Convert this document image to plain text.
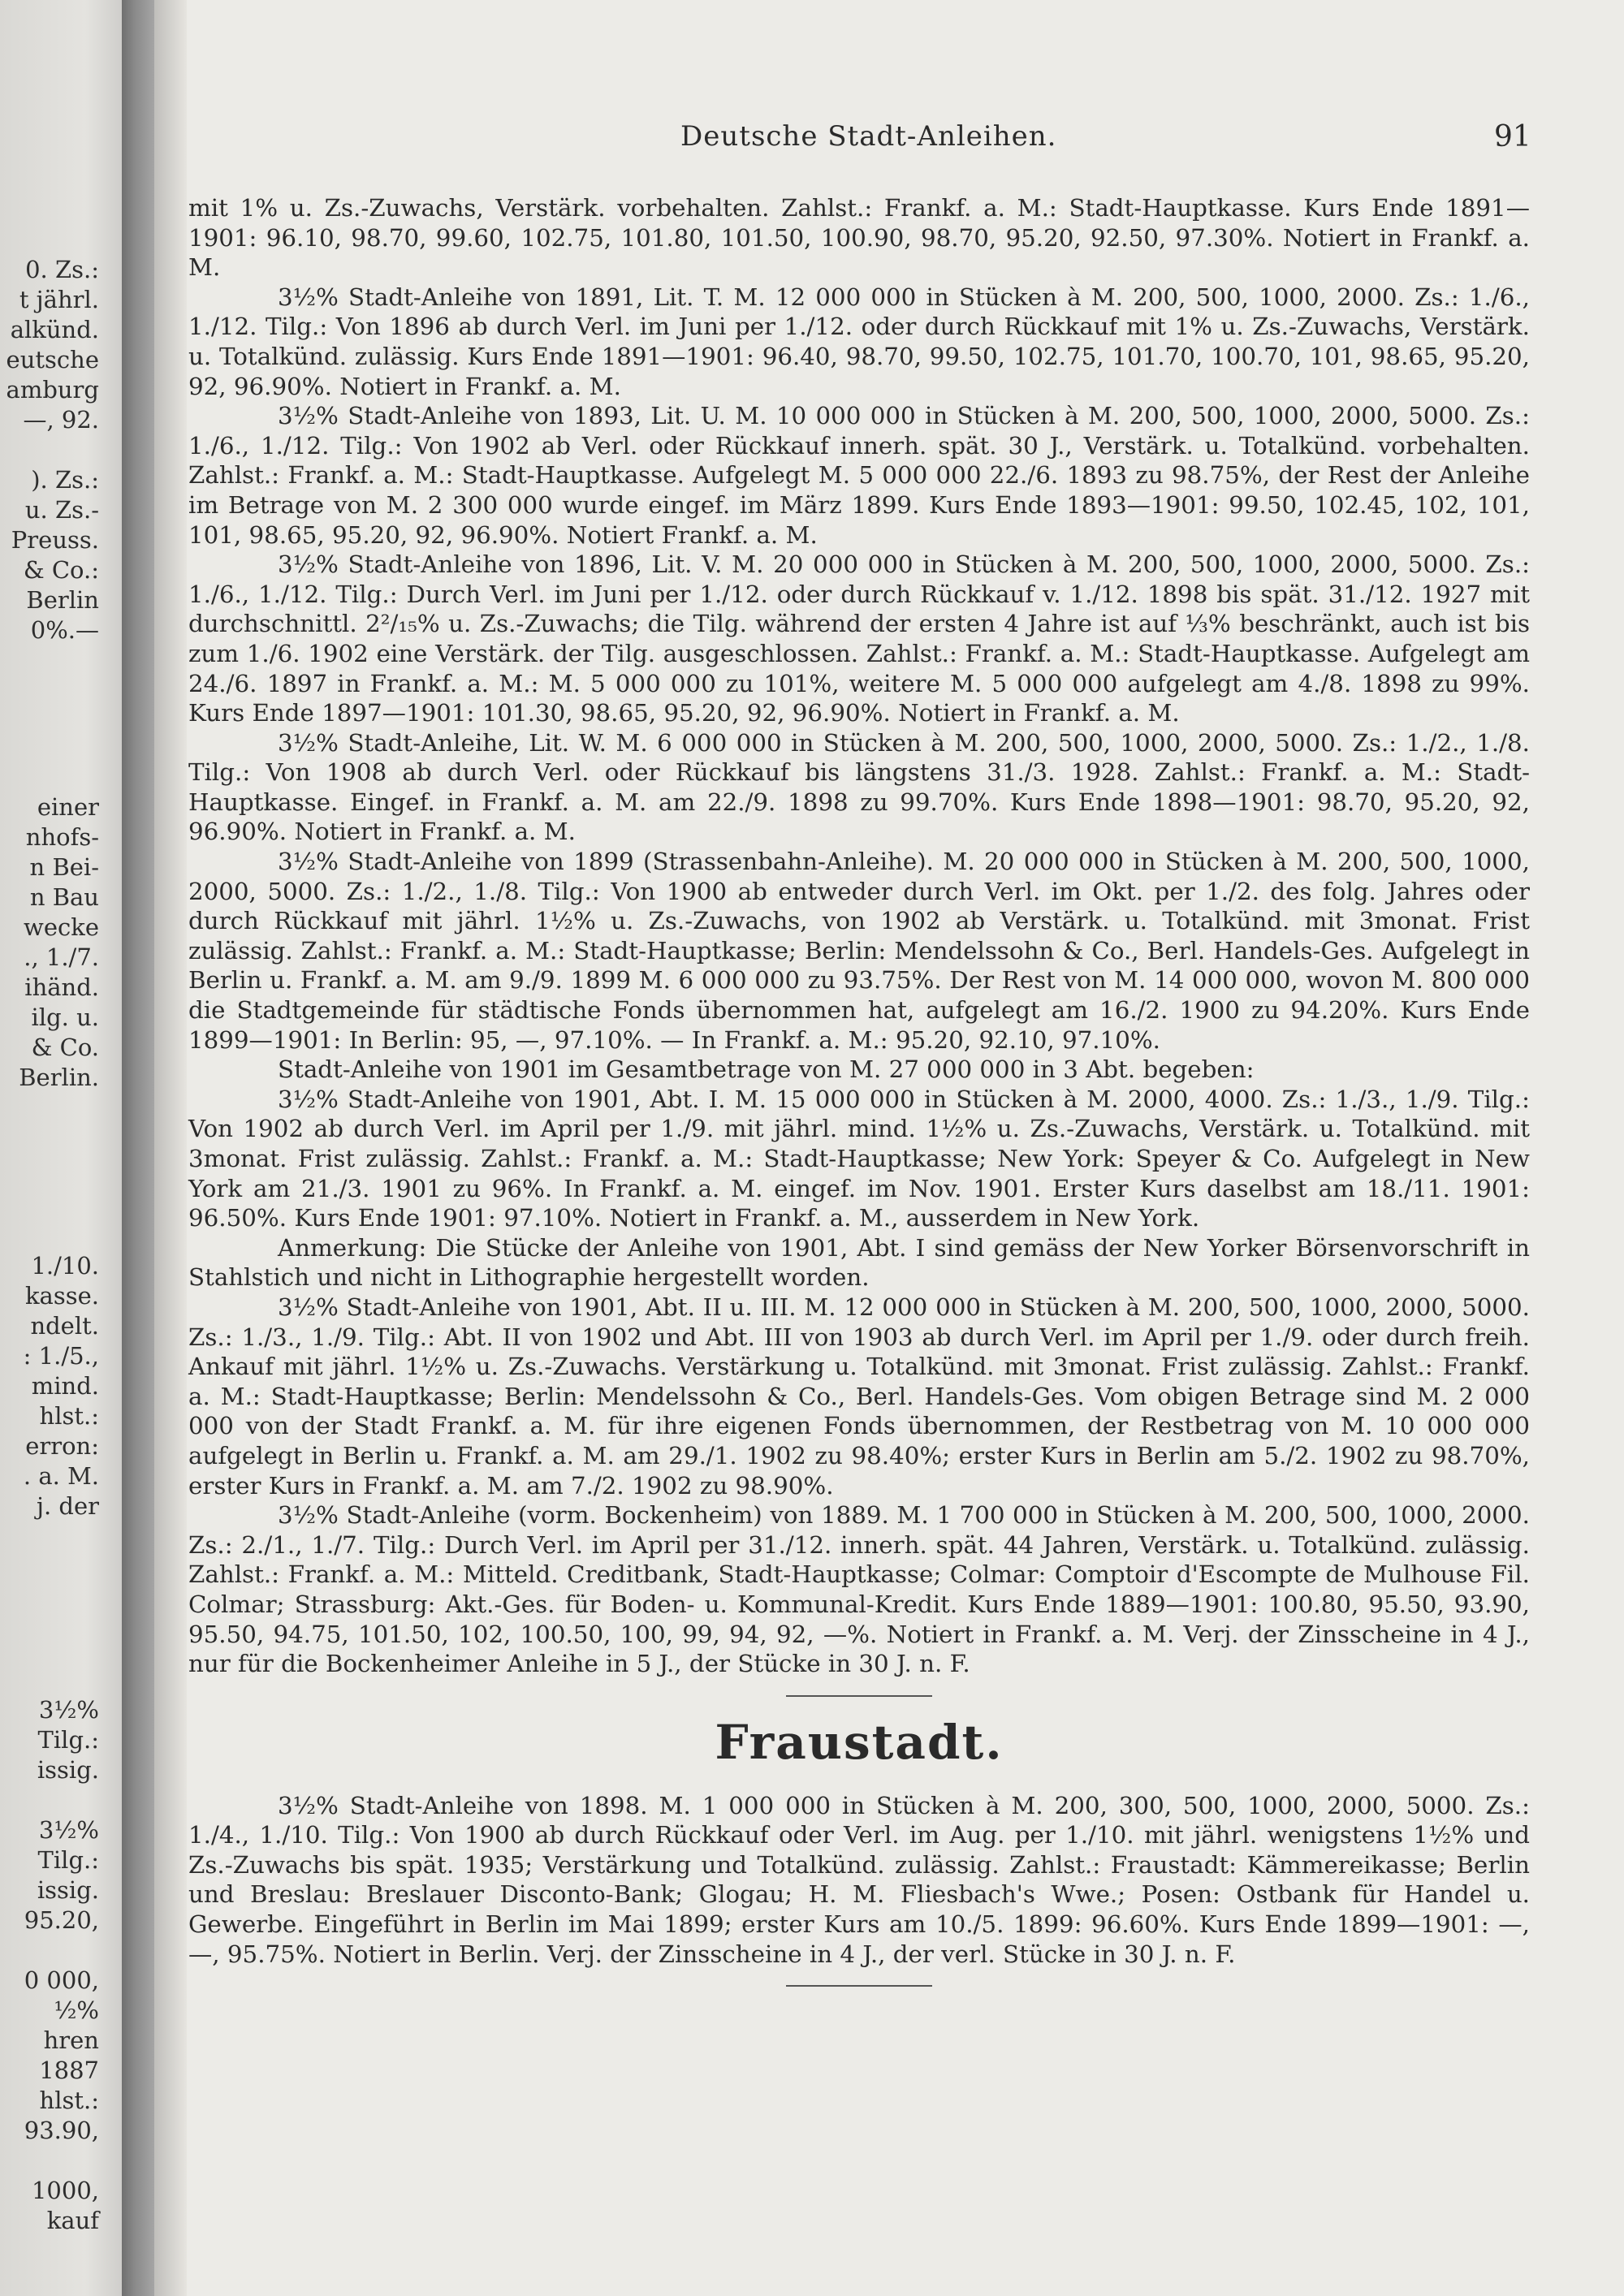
0. Zs.:
t jährl.
alkünd.
eutsche
amburg
—, 92.
). Zs.:
u. Zs.-
Preuss.
& Co.:
Berlin
0%.—
einer
nhofs-
n Bei-
n Bau
wecke
., 1./7.
ihänd.
ilg. u.
& Co.
Berlin.
1./10.
kasse.
ndelt.
: 1./5.,
mind.
hlst.:
erron:
. a. M.
j. der
3½%
Tilg.:
issig.
3½%
Tilg.:
issig.
95.20,
0 000,
½%
hren
1887
hlst.:
93.90,
1000,
kauf
Deutsche Stadt-Anleihen.	91

mit 1% u. Zs.-Zuwachs, Verstärk. vorbehalten. Zahlst.: Frankf. a. M.: Stadt-Hauptkasse. Kurs Ende 1891—1901: 96.10, 98.70, 99.60, 102.75, 101.80, 101.50, 100.90, 98.70, 95.20, 92.50, 97.30%. Notiert in Frankf. a. M.

3½% Stadt-Anleihe von 1891, Lit. T. M. 12 000 000 in Stücken à M. 200, 500, 1000, 2000. Zs.: 1./6., 1./12. Tilg.: Von 1896 ab durch Verl. im Juni per 1./12. oder durch Rückkauf mit 1% u. Zs.-Zuwachs, Verstärk. u. Totalkünd. zulässig. Kurs Ende 1891—1901: 96.40, 98.70, 99.50, 102.75, 101.70, 100.70, 101, 98.65, 95.20, 92, 96.90%. Notiert in Frankf. a. M.

3½% Stadt-Anleihe von 1893, Lit. U. M. 10 000 000 in Stücken à M. 200, 500, 1000, 2000, 5000. Zs.: 1./6., 1./12. Tilg.: Von 1902 ab Verl. oder Rückkauf innerh. spät. 30 J., Verstärk. u. Totalkünd. vorbehalten. Zahlst.: Frankf. a. M.: Stadt-Hauptkasse. Aufgelegt M. 5 000 000 22./6. 1893 zu 98.75%, der Rest der Anleihe im Betrage von M. 2 300 000 wurde eingef. im März 1899. Kurs Ende 1893—1901: 99.50, 102.45, 102, 101, 101, 98.65, 95.20, 92, 96.90%. Notiert Frankf. a. M.

3½% Stadt-Anleihe von 1896, Lit. V. M. 20 000 000 in Stücken à M. 200, 500, 1000, 2000, 5000. Zs.: 1./6., 1./12. Tilg.: Durch Verl. im Juni per 1./12. oder durch Rückkauf v. 1./12. 1898 bis spät. 31./12. 1927 mit durchschnittl. 2²/₁₅% u. Zs.-Zuwachs; die Tilg. während der ersten 4 Jahre ist auf ⅓% beschränkt, auch ist bis zum 1./6. 1902 eine Verstärk. der Tilg. ausgeschlossen. Zahlst.: Frankf. a. M.: Stadt-Hauptkasse. Aufgelegt am 24./6. 1897 in Frankf. a. M.: M. 5 000 000 zu 101%, weitere M. 5 000 000 aufgelegt am 4./8. 1898 zu 99%. Kurs Ende 1897—1901: 101.30, 98.65, 95.20, 92, 96.90%. Notiert in Frankf. a. M.

3½% Stadt-Anleihe, Lit. W. M. 6 000 000 in Stücken à M. 200, 500, 1000, 2000, 5000. Zs.: 1./2., 1./8. Tilg.: Von 1908 ab durch Verl. oder Rückkauf bis längstens 31./3. 1928. Zahlst.: Frankf. a. M.: Stadt-Hauptkasse. Eingef. in Frankf. a. M. am 22./9. 1898 zu 99.70%. Kurs Ende 1898—1901: 98.70, 95.20, 92, 96.90%. Notiert in Frankf. a. M.

3½% Stadt-Anleihe von 1899 (Strassenbahn-Anleihe). M. 20 000 000 in Stücken à M. 200, 500, 1000, 2000, 5000. Zs.: 1./2., 1./8. Tilg.: Von 1900 ab entweder durch Verl. im Okt. per 1./2. des folg. Jahres oder durch Rückkauf mit jährl. 1½% u. Zs.-Zuwachs, von 1902 ab Verstärk. u. Totalkünd. mit 3monat. Frist zulässig. Zahlst.: Frankf. a. M.: Stadt-Hauptkasse; Berlin: Mendelssohn & Co., Berl. Handels-Ges. Aufgelegt in Berlin u. Frankf. a. M. am 9./9. 1899 M. 6 000 000 zu 93.75%. Der Rest von M. 14 000 000, wovon M. 800 000 die Stadtgemeinde für städtische Fonds übernommen hat, aufgelegt am 16./2. 1900 zu 94.20%. Kurs Ende 1899—1901: In Berlin: 95, —, 97.10%. — In Frankf. a. M.: 95.20, 92.10, 97.10%.

Stadt-Anleihe von 1901 im Gesamtbetrage von M. 27 000 000 in 3 Abt. begeben:

3½% Stadt-Anleihe von 1901, Abt. I. M. 15 000 000 in Stücken à M. 2000, 4000. Zs.: 1./3., 1./9. Tilg.: Von 1902 ab durch Verl. im April per 1./9. mit jährl. mind. 1½% u. Zs.-Zuwachs, Verstärk. u. Totalkünd. mit 3monat. Frist zulässig. Zahlst.: Frankf. a. M.: Stadt-Hauptkasse; New York: Speyer & Co. Aufgelegt in New York am 21./3. 1901 zu 96%. In Frankf. a. M. eingef. im Nov. 1901. Erster Kurs daselbst am 18./11. 1901: 96.50%. Kurs Ende 1901: 97.10%. Notiert in Frankf. a. M., ausserdem in New York.

Anmerkung: Die Stücke der Anleihe von 1901, Abt. I sind gemäss der New Yorker Börsenvorschrift in Stahlstich und nicht in Lithographie hergestellt worden.

3½% Stadt-Anleihe von 1901, Abt. II u. III. M. 12 000 000 in Stücken à M. 200, 500, 1000, 2000, 5000. Zs.: 1./3., 1./9. Tilg.: Abt. II von 1902 und Abt. III von 1903 ab durch Verl. im April per 1./9. oder durch freih. Ankauf mit jährl. 1½% u. Zs.-Zuwachs. Verstärkung u. Totalkünd. mit 3monat. Frist zulässig. Zahlst.: Frankf. a. M.: Stadt-Hauptkasse; Berlin: Mendelssohn & Co., Berl. Handels-Ges. Vom obigen Betrage sind M. 2 000 000 von der Stadt Frankf. a. M. für ihre eigenen Fonds übernommen, der Restbetrag von M. 10 000 000 aufgelegt in Berlin u. Frankf. a. M. am 29./1. 1902 zu 98.40%; erster Kurs in Berlin am 5./2. 1902 zu 98.70%, erster Kurs in Frankf. a. M. am 7./2. 1902 zu 98.90%.

3½% Stadt-Anleihe (vorm. Bockenheim) von 1889. M. 1 700 000 in Stücken à M. 200, 500, 1000, 2000. Zs.: 2./1., 1./7. Tilg.: Durch Verl. im April per 31./12. innerh. spät. 44 Jahren, Verstärk. u. Totalkünd. zulässig. Zahlst.: Frankf. a. M.: Mitteld. Creditbank, Stadt-Hauptkasse; Colmar: Comptoir d'Escompte de Mulhouse Fil. Colmar; Strassburg: Akt.-Ges. für Boden- u. Kommunal-Kredit. Kurs Ende 1889—1901: 100.80, 95.50, 93.90, 95.50, 94.75, 101.50, 102, 100.50, 100, 99, 94, 92, —%. Notiert in Frankf. a. M. Verj. der Zinsscheine in 4 J., nur für die Bockenheimer Anleihe in 5 J., der Stücke in 30 J. n. F.

Fraustadt.

3½% Stadt-Anleihe von 1898. M. 1 000 000 in Stücken à M. 200, 300, 500, 1000, 2000, 5000. Zs.: 1./4., 1./10. Tilg.: Von 1900 ab durch Rückkauf oder Verl. im Aug. per 1./10. mit jährl. wenigstens 1½% und Zs.-Zuwachs bis spät. 1935; Verstärkung und Totalkünd. zulässig. Zahlst.: Fraustadt: Kämmereikasse; Berlin und Breslau: Breslauer Disconto-Bank; Glogau; H. M. Fliesbach's Wwe.; Posen: Ostbank für Handel u. Gewerbe. Eingeführt in Berlin im Mai 1899; erster Kurs am 10./5. 1899: 96.60%. Kurs Ende 1899—1901: —, —, 95.75%. Notiert in Berlin. Verj. der Zinsscheine in 4 J., der verl. Stücke in 30 J. n. F.
